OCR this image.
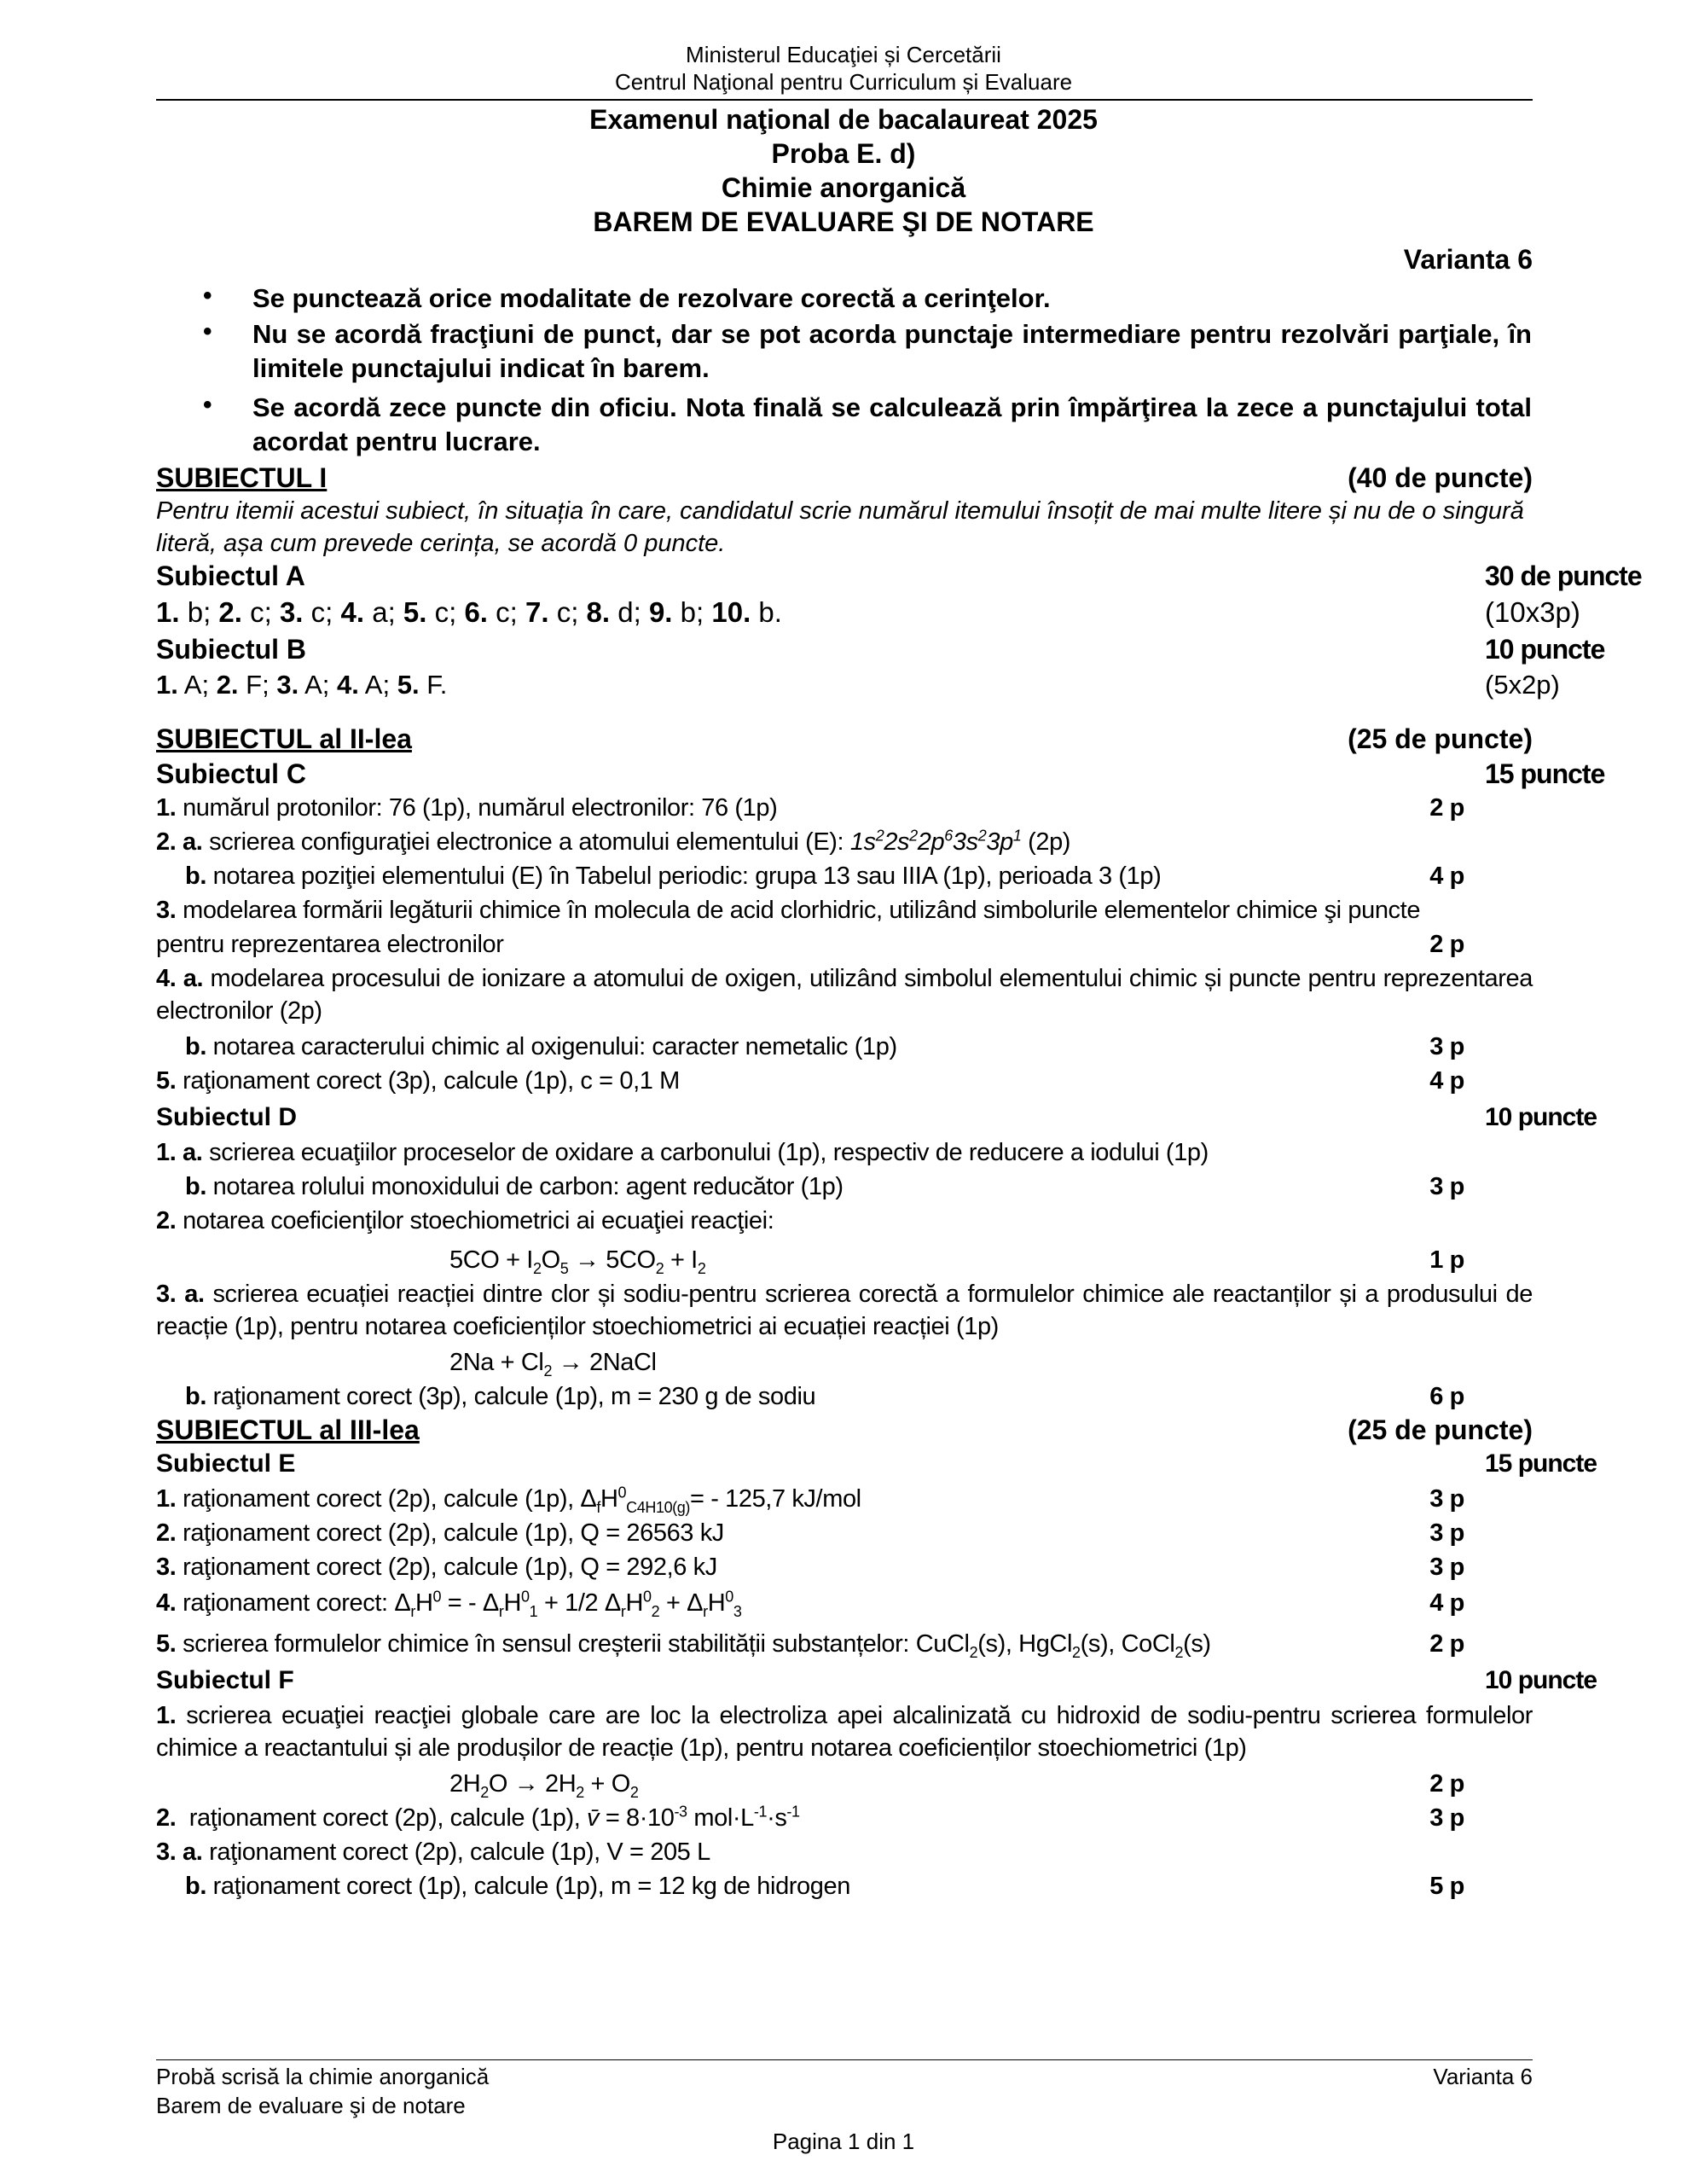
Ministerul Educaţiei și Cercetării
Centrul Naţional pentru Curriculum și Evaluare
Examenul naţional de bacalaureat 2025
Proba E. d)
Chimie anorganică
BAREM DE EVALUARE ŞI DE NOTARE
Varianta 6
• Se punctează orice modalitate de rezolvare corectă a cerinţelor.
• Nu se acordă fracţiuni de punct, dar se pot acorda punctaje intermediare pentru rezolvări parţiale, în limitele punctajului indicat în barem.
• Se acordă zece puncte din oficiu. Nota finală se calculează prin împărţirea la zece a punctajului total acordat pentru lucrare.
SUBIECTUL I	(40 de puncte)
Pentru itemii acestui subiect, în situația în care, candidatul scrie numărul itemului însoțit de mai multe litere și nu de o singură literă, așa cum prevede cerința, se acordă 0 puncte.
Subiectul A	30 de puncte
1. b; 2. c; 3. c; 4. a; 5. c; 6. c; 7. c; 8. d; 9. b; 10. b.	(10x3p)
Subiectul B	10 puncte
1. A; 2. F; 3. A; 4. A; 5. F.	(5x2p)
SUBIECTUL al II-lea	(25 de puncte)
Subiectul C	15 puncte
1. numărul protonilor: 76 (1p), numărul electronilor: 76 (1p)	2 p
2. a. scrierea configuraţiei electronice a atomului elementului (E): $1s^22s^22p^63s^23p^1$ (2p)
b. notarea poziţiei elementului (E) în Tabelul periodic: grupa 13 sau IIIA (1p), perioada 3 (1p)	4 p
3. modelarea formării legăturii chimice în molecula de acid clorhidric, utilizând simbolurile elementelor chimice şi puncte
pentru reprezentarea electronilor	2 p
4. a. modelarea procesului de ionizare a atomului de oxigen, utilizând simbolul elementului chimic și puncte pentru reprezentarea electronilor (2p)
b. notarea caracterului chimic al oxigenului: caracter nemetalic (1p)	3 p
5. raţionament corect (3p), calcule (1p), c = 0,1 M	4 p
Subiectul D	10 puncte
1. a. scrierea ecuaţiilor proceselor de oxidare a carbonului (1p), respectiv de reducere a iodului (1p)
b. notarea rolului monoxidului de carbon: agent reducător (1p)	3 p
2. notarea coeficienţilor stoechiometrici ai ecuaţiei reacţiei:
$5CO + I_2O_5 \to 5CO_2 + I_2$	1 p
3. a. scrierea ecuației reacției dintre clor și sodiu-pentru scrierea corectă a formulelor chimice ale reactanților și a produsului de reacție (1p), pentru notarea coeficienților stoechiometrici ai ecuației reacției (1p)
$2Na + Cl_2$ → 2NaCl
b. raţionament corect (3p), calcule (1p), m = 230 g de sodiu	6 p
SUBIECTUL al III-lea	(25 de puncte)
Subiectul E	15 puncte
1. raţionament corect (2p), calcule (1p), $\Delta_fH^0_{C4H10(g)}= - 125,7$ kJ/mol	3 p
2. raţionament corect (2p), calcule (1p), Q = 26563 kJ	3 p
3. raţionament corect (2p), calcule (1p), Q = 292,6 kJ	3 p
4. raţionament corect: $\Delta_rH^0$ = - $\Delta_rH^0_1 + 1/2$ $\Delta_rH^0_2 + \Delta_rH^0_3$	4 p
5. scrierea formulelor chimice în sensul creșterii stabilității substanțelor: CuCl$_2$(s), HgCl$_2$(s), CoCl$_2$(s)	2 p
Subiectul F	10 puncte
1. scrierea ecuaţiei reacţiei globale care are loc la electroliza apei alcalinizată cu hidroxid de sodiu-pentru scrierea formulelor chimice a reactantului și ale produșilor de reacție (1p), pentru notarea coeficienților stoechiometrici (1p)
$2H_2O \to 2H_2 + O_2$	2 p
2. raţionament corect (2p), calcule (1p), v̄ = $8\cdot 10^{-3}$ $mol\cdot L^{-1}\cdot s^{-1}$	3 p
3. a. raţionament corect (2p), calcule (1p), V = 205 L
b. raţionament corect (1p), calcule (1p), m = 12 kg de hidrogen	5 p
Probă scrisă la chimie anorganică	Varianta 6
Barem de evaluare şi de notare
Pagina 1 din 1
